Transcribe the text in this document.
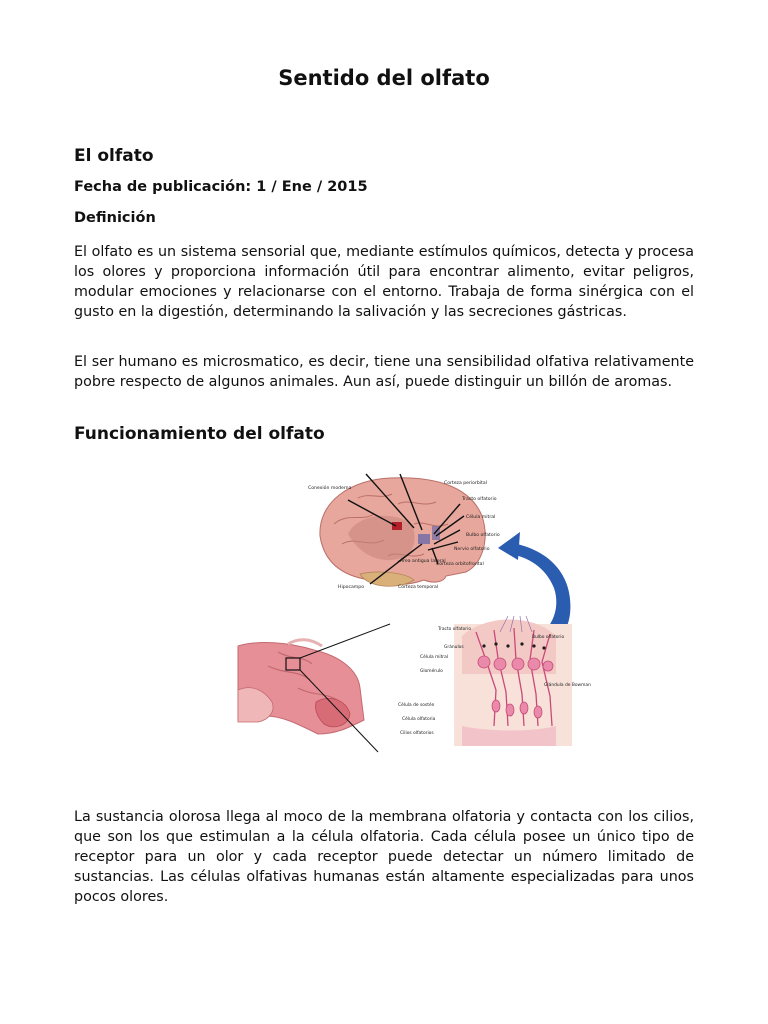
Sentido del olfato
El olfato

Fecha de publicación: 1 / Ene / 2015

Definición

El olfato es un sistema sensorial que, mediante estímulos químicos, detecta y procesa los olores y proporciona información útil para encontrar alimento, evitar peligros, modular emociones y relacionarse con el entorno. Trabaja de forma sinérgica con el gusto en la digestión, determinando la salivación y las secreciones gástricas.

El ser humano es microsmatico, es decir, tiene una sensibilidad olfativa relativamente pobre respecto de algunos animales. Aun así, puede distinguir un billón de aromas.

Funcionamiento del olfato
Conexión moderna
Corteza periorbital
Tracto olfatorio
Célula mitral
Bulbo olfatorio
Nervio olfatorio
Área antigua lateral
Corteza orbitofrontal
Hipocampo	Corteza temporal
Tracto olfatorio
Bulbo olfatorio
Gránulos
Célula mitral
Glomérulo
Glándula de Bowman
Célula de sostén
Célula olfatoria
Cilios olfatorios

La sustancia olorosa llega al moco de la membrana olfatoria y contacta con los cilios, que son los que estimulan a la célula olfatoria. Cada célula posee un único tipo de receptor para un olor y cada receptor puede detectar un número limitado de sustancias. Las células olfativas humanas están altamente especializadas para unos pocos olores.
